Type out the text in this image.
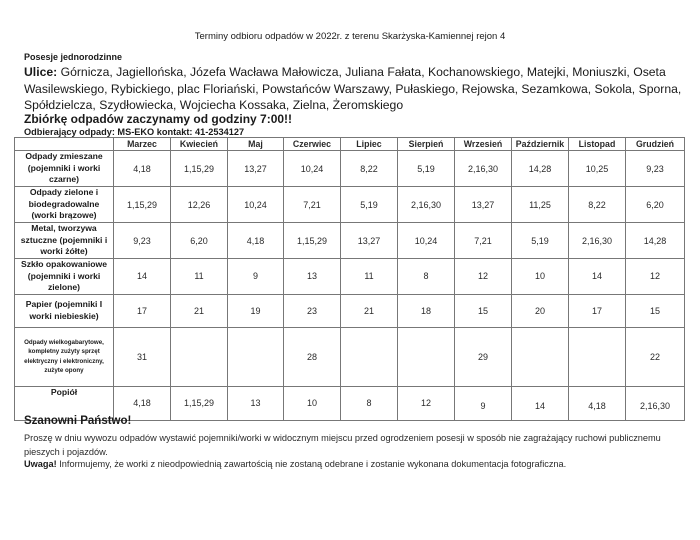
Terminy odbioru odpadów w 2022r. z terenu Skarżyska-Kamiennej rejon 4
Posesje jednorodzinne
Ulice: Górnicza, Jagiellońska, Józefa Wacława Małowicza, Juliana Fałata, Kochanowskiego, Matejki, Moniuszki, Oseta Wasilewskiego, Rybickiego, plac Floriański, Powstańców Warszawy, Pułaskiego, Rejowska, Sezamkowa, Sokola, Sporna, Spółdzielcza, Szydłowiecka, Wojciecha Kossaka, Zielna, Żeromskiego
Zbiórkę odpadów zaczynamy od godziny 7:00!!
Odbierający odpady: MS-EKO kontakt: 41-2534127
	Marzec	Kwiecień	Maj	Czerwiec	Lipiec	Sierpień	Wrzesień	Październik	Listopad	Grudzień
Odpady zmieszane (pojemniki i worki czarne)	4,18	1,15,29	13,27	10,24	8,22	5,19	2,16,30	14,28	10,25	9,23
Odpady zielone i biodegradowalne (worki brązowe)	1,15,29	12,26	10,24	7,21	5,19	2,16,30	13,27	11,25	8,22	6,20
Metal, tworzywa sztuczne (pojemniki i worki żółte)	9,23	6,20	4,18	1,15,29	13,27	10,24	7,21	5,19	2,16,30	14,28
Szkło opakowaniowe (pojemniki i worki zielone)	14	11	9	13	11	8	12	10	14	12
Papier (pojemniki I worki niebieskie)	17	21	19	23	21	18	15	20	17	15
Odpady wielkogabarytowe, kompletny zużyty sprzęt elektryczny i elektroniczny, zużyte opony	31			28			29			22
Popiół	4,18	1,15,29	13	10	8	12	9	14	4,18	2,16,30
Szanowni Państwo!
Proszę w dniu wywozu odpadów wystawić pojemniki/worki w widocznym miejscu przed ogrodzeniem posesji w sposób nie zagrażający ruchowi publicznemu pieszych i pojazdów.
Uwaga! Informujemy, że worki z nieodpowiednią zawartością nie zostaną odebrane i zostanie wykonana dokumentacja fotograficzna.
